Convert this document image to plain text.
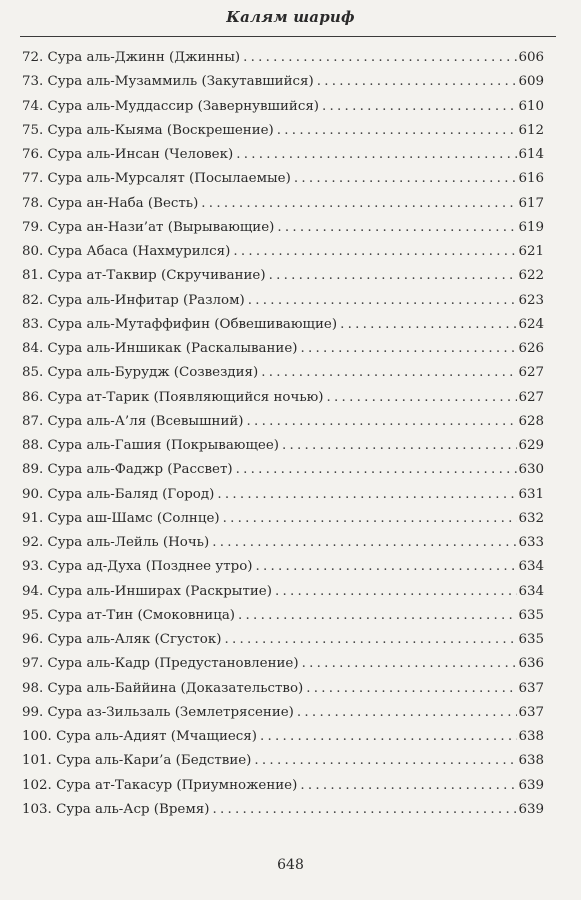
Калям шариф
72. Сура аль-Джинн (Джинны) . . .	606
73. Сура аль-Музаммиль (Закутавшийся) . . .	609
74. Сура аль-Муддассир (Завернувшийся) . . .	610
75. Сура аль-Кыяма (Воскрешение) . . .	612
76. Сура аль-Инсан (Человек) . . .	614
77. Сура аль-Мурсалят (Посылаемые) . . .	616
78. Сура ан-Наба (Весть) . . .	617
79. Сура ан-Нази’ат (Вырывающие) . . .	619
80. Сура Абаса (Нахмурился) . . .	621
81. Сура ат-Таквир (Скручивание) . . .	622
82. Сура аль-Инфитар (Разлом) . . .	623
83. Сура аль-Мутаффифин (Обвешивающие) . . .	624
84. Сура аль-Иншикак (Раскалывание) . . .	626
85. Сура аль-Бурудж (Созвездия) . . .	627
86. Сура ат-Тарик (Появляющийся ночью) . . .	627
87. Сура аль-А’ля (Всевышний) . . .	628
88. Сура аль-Гашия (Покрывающее) . . .	629
89. Сура аль-Фаджр (Рассвет) . . .	630
90. Сура аль-Баляд (Город) . . .	631
91. Сура аш-Шамс (Солнце) . . .	632
92. Сура аль-Лейль (Ночь) . . .	633
93. Сура ад-Духа (Позднее утро) . . .	634
94. Сура аль-Инширах (Раскрытие) . . .	634
95. Сура ат-Тин (Смоковница) . . .	635
96. Сура аль-Аляк (Сгусток) . . .	635
97. Сура аль-Кадр (Предустановление) . . .	636
98. Сура аль-Баййина (Доказательство) . . .	637
99. Сура аз-Зильзаль (Землетрясение) . . .	637
100. Сура аль-Адият (Мчащиеся) . . .	638
101. Сура аль-Кари’а (Бедствие) . . .	638
102. Сура ат-Такасур (Приумножение) . . .	639
103. Сура аль-Аср (Время) . . .	639
648
